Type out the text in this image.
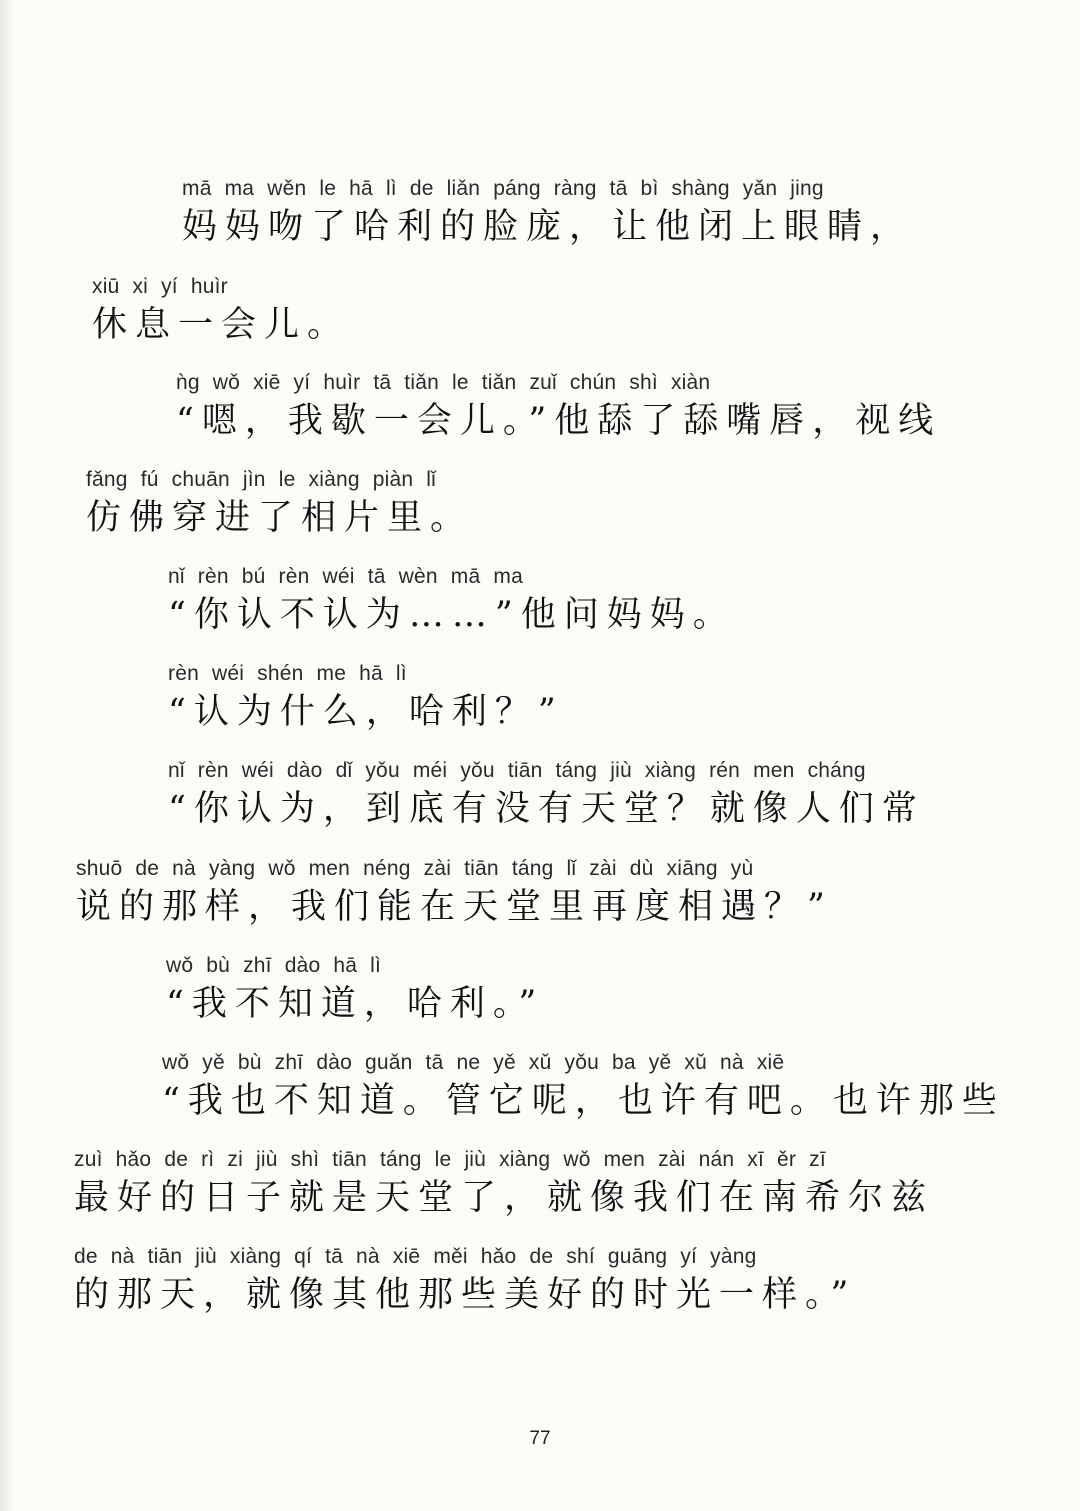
mā ma wěn le hā lì de liǎn páng ràng tā bì shàng yǎn jing
妈妈吻了哈利的脸庞，让他闭上眼睛，
xiū xi yí huìr
休息一会儿。
ǹg wǒ xiē yí huìr tā tiǎn le tiǎn zuǐ chún shì xiàn
“嗯，我歇一会儿。”他舔了舔嘴唇，视线
fǎng fú chuān jìn le xiàng piàn lǐ
仿佛穿进了相片里。
nǐ rèn bú rèn wéi tā wèn mā ma
“你认不认为……”他问妈妈。
rèn wéi shén me hā lì
“认为什么，哈利？”
nǐ rèn wéi dào dǐ yǒu méi yǒu tiān táng jiù xiàng rén men cháng
“你认为，到底有没有天堂？就像人们常
shuō de nà yàng wǒ men néng zài tiān táng lǐ zài dù xiāng yù
说的那样，我们能在天堂里再度相遇？”
wǒ bù zhī dào hā lì
“我不知道，哈利。”
wǒ yě bù zhī dào guǎn tā ne yě xǔ yǒu ba yě xǔ nà xiē
“我也不知道。管它呢，也许有吧。也许那些
zuì hǎo de rì zi jiù shì tiān táng le jiù xiàng wǒ men zài nán xī ěr zī
最好的日子就是天堂了，就像我们在南希尔兹
de nà tiān jiù xiàng qí tā nà xiē měi hǎo de shí guāng yí yàng
的那天，就像其他那些美好的时光一样。”
77
